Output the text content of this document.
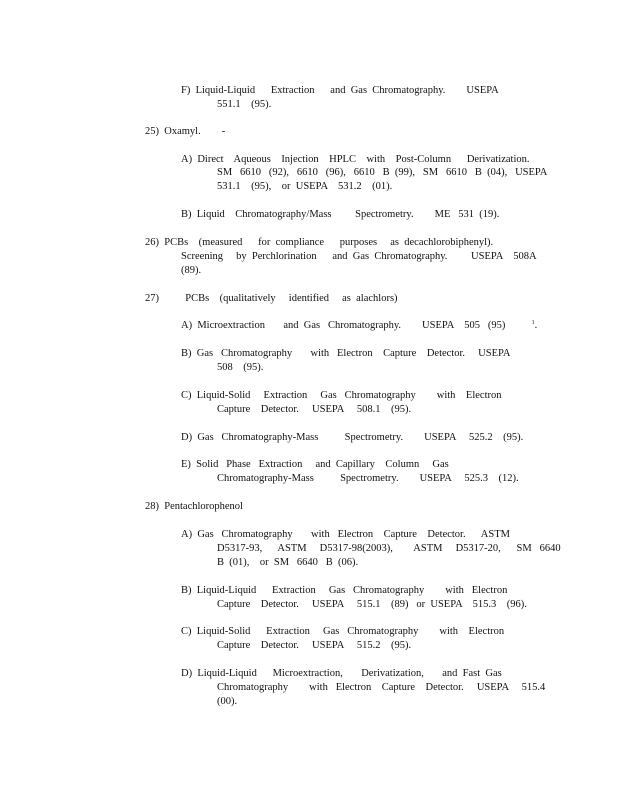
F)  Liquid-Liquid      Extraction      and  Gas  Chromatography.        USEPA

551.1    (95).

25)  Oxamyl.        -

A)  Direct    Aqueous    Injection    HPLC    with    Post-Column      Derivatization.

SM   6610   (92),   6610   (96),   6610   B  (99),   SM   6610   B  (04),   USEPA

531.1    (95),    or  USEPA    531.2    (01).

B)  Liquid    Chromatography/Mass         Spectrometry.        ME   531  (19).

26)  PCBs    (measured      for  compliance      purposes     as  decachlorobiphenyl).

Screening     by  Perchlorination      and  Gas  Chromatography.         USEPA    508A

(89).

27)          PCBs    (qualitatively     identified     as  alachlors)

A)  Microextraction       and  Gas   Chromatography.        USEPA    505   (95)	$^1$.

B)  Gas   Chromatography       with   Electron    Capture    Detector.     USEPA

508    (95).

C)  Liquid-Solid     Extraction     Gas   Chromatography        with    Electron

Capture    Detector.     USEPA     508.1    (95).

D)  Gas   Chromatography-Mass          Spectrometry.        USEPA     525.2    (95).

E)  Solid   Phase   Extraction     and  Capillary    Column     Gas

Chromatography-Mass          Spectrometry.        USEPA     525.3    (12).

28)  Pentachlorophenol

A)  Gas   Chromatography       with   Electron    Capture    Detector.      ASTM

D5317-93,      ASTM     D5317-98(2003),        ASTM     D5317-20,      SM   6640

B  (01),    or  SM   6640   B  (06).

B)  Liquid-Liquid      Extraction     Gas   Chromatography        with   Electron

Capture    Detector.     USEPA     515.1    (89)   or  USEPA    515.3    (96).

C)  Liquid-Solid      Extraction     Gas   Chromatography        with    Electron

Capture    Detector.     USEPA     515.2    (95).

D)  Liquid-Liquid      Microextraction,       Derivatization,       and  Fast  Gas

Chromatography        with   Electron    Capture    Detector.     USEPA     515.4

(00).
